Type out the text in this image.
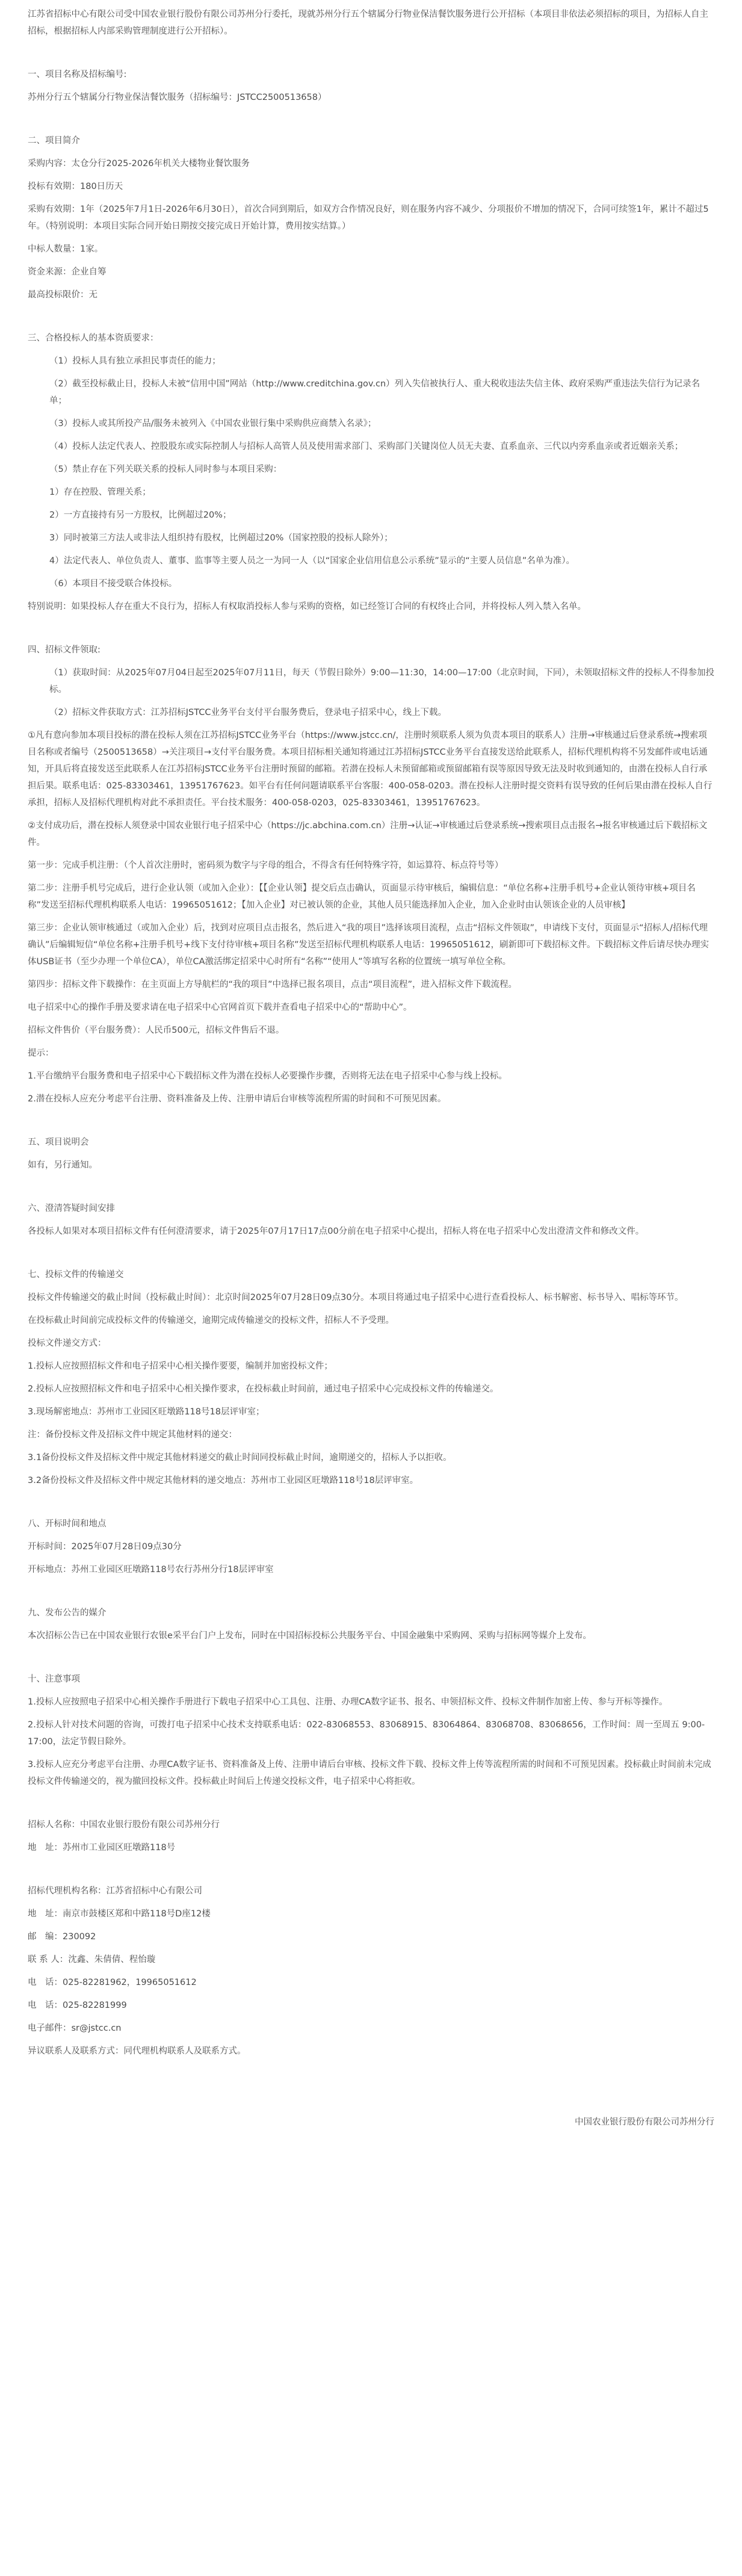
江苏省招标中心有限公司受中国农业银行股份有限公司苏州分行委托，现就苏州分行五个辖属分行物业保洁餐饮服务进行公开招标（本项目非依法必须招标的项目，为招标人自主招标，根据招标人内部采购管理制度进行公开招标）。

一、项目名称及招标编号:

苏州分行五个辖属分行物业保洁餐饮服务（招标编号：JSTCC2500513658）

二、项目简介

采购内容：太仓分行2025-2026年机关大楼物业餐饮服务

投标有效期：180日历天

采购有效期：1年（2025年7月1日-2026年6月30日），首次合同到期后，如双方合作情况良好，则在服务内容不减少、分项报价不增加的情况下，合同可续签1年，累计不超过5年。（特别说明：本项目实际合同开始日期按交接完成日开始计算，费用按实结算。）

中标人数量：1家。

资金来源：企业自筹

最高投标限价：无

三、合格投标人的基本资质要求：

（1）投标人具有独立承担民事责任的能力；

（2）截至投标截止日，投标人未被“信用中国”网站（http://www.creditchina.gov.cn）列入失信被执行人、重大税收违法失信主体、政府采购严重违法失信行为记录名单；

（3）投标人或其所投产品/服务未被列入《中国农业银行集中采购供应商禁入名录》；

（4）投标人法定代表人、控股股东或实际控制人与招标人高管人员及使用需求部门、采购部门关键岗位人员无夫妻、直系血亲、三代以内旁系血亲或者近姻亲关系；

（5）禁止存在下列关联关系的投标人同时参与本项目采购：

1）存在控股、管理关系；

2）一方直接持有另一方股权，比例超过20%；

3）同时被第三方法人或非法人组织持有股权，比例超过20%（国家控股的投标人除外）；

4）法定代表人、单位负责人、董事、监事等主要人员之一为同一人（以“国家企业信用信息公示系统”显示的“主要人员信息”名单为准）。

（6）本项目不接受联合体投标。

特别说明：如果投标人存在重大不良行为，招标人有权取消投标人参与采购的资格，如已经签订合同的有权终止合同，并将投标人列入禁入名单。

四、招标文件领取:

（1）获取时间：从2025年07月04日起至2025年07月11日，每天（节假日除外）9:00—11:30，14:00—17:00（北京时间，下同），未领取招标文件的投标人不得参加投标。

（2）招标文件获取方式：江苏招标JSTCC业务平台支付平台服务费后，登录电子招采中心，线上下载。

①凡有意向参加本项目投标的潜在投标人须在江苏招标JSTCC业务平台（https://www.jstcc.cn/，注册时须联系人须为负责本项目的联系人）注册→审核通过后登录系统→搜索项目名称或者编号（2500513658）→关注项目→支付平台服务费。本项目招标相关通知将通过江苏招标JSTCC业务平台直接发送给此联系人，招标代理机构将不另发邮件或电话通知，开具后将直接发送至此联系人在江苏招标JSTCC业务平台注册时预留的邮箱。若潜在投标人未预留邮箱或预留邮箱有误等原因导致无法及时收到通知的，由潜在投标人自行承担后果。联系电话：025-83303461，13951767623。如平台有任何问题请联系平台客服：400-058-0203。潜在投标人注册时提交资料有误导致的任何后果由潜在投标人自行承担，招标人及招标代理机构对此不承担责任。平台技术服务：400-058-0203，025-83303461，13951767623。

②支付成功后，潜在投标人须登录中国农业银行电子招采中心（https://jc.abchina.com.cn）注册→认证→审核通过后登录系统→搜索项目点击报名→报名审核通过后下载招标文件。

第一步：完成手机注册：（个人首次注册时，密码须为数字与字母的组合，不得含有任何特殊字符，如运算符、标点符号等）

第二步：注册手机号完成后，进行企业认领（或加入企业）：【【企业认领】提交后点击确认，页面显示待审核后，编辑信息：“单位名称+注册手机号+企业认领待审核+项目名称”发送至招标代理机构联系人电话：19965051612；【加入企业】对已被认领的企业，其他人员只能选择加入企业，加入企业时由认领该企业的人员审核】

第三步：企业认领审核通过（或加入企业）后，找到对应项目点击报名，然后进入“我的项目”选择该项目流程，点击“招标文件领取”，申请线下支付，页面显示“招标人/招标代理确认”后编辑短信“单位名称+注册手机号+线下支付待审核+项目名称”发送至招标代理机构联系人电话：19965051612，刷新即可下载招标文件。下载招标文件后请尽快办理实体USB证书（至少办理一个单位CA），单位CA激活绑定招采中心时所有“名称”“使用人”等填写名称的位置统一填写单位全称。

第四步：招标文件下载操作：在主页面上方导航栏的“我的项目”中选择已报名项目，点击“项目流程”，进入招标文件下载流程。

电子招采中心的操作手册及要求请在电子招采中心官网首页下载并查看电子招采中心的“帮助中心”。

招标文件售价（平台服务费）：人民币500元，招标文件售后不退。

提示：

1.平台缴纳平台服务费和电子招采中心下载招标文件为潜在投标人必要操作步骤，否则将无法在电子招采中心参与线上投标。

2.潜在投标人应充分考虑平台注册、资料准备及上传、注册申请后台审核等流程所需的时间和不可预见因素。

五、项目说明会

如有，另行通知。

六、澄清答疑时间安排

各投标人如果对本项目招标文件有任何澄清要求，请于2025年07月17日17点00分前在电子招采中心提出，招标人将在电子招采中心发出澄清文件和修改文件。

七、投标文件的传输递交

投标文件传输递交的截止时间（投标截止时间）：北京时间2025年07月28日09点30分。本项目将通过电子招采中心进行查看投标人、标书解密、标书导入、唱标等环节。

在投标截止时间前完成投标文件的传输递交，逾期完成传输递交的投标文件，招标人不予受理。

投标文件递交方式：

1.投标人应按照招标文件和电子招采中心相关操作要要，编制并加密投标文件；

2.投标人应按照招标文件和电子招采中心相关操作要求，在投标截止时间前，通过电子招采中心完成投标文件的传输递交。

3.现场解密地点：苏州市工业园区旺墩路118号18层评审室；

注：备份投标文件及招标文件中规定其他材料的递交：

3.1备份投标文件及招标文件中规定其他材料递交的截止时间同投标截止时间，逾期递交的，招标人予以拒收。

3.2备份投标文件及招标文件中规定其他材料的递交地点：苏州市工业园区旺墩路118号18层评审室。

八、开标时间和地点

开标时间：2025年07月28日09点30分

开标地点：苏州工业园区旺墩路118号农行苏州分行18层评审室

九、发布公告的媒介

本次招标公告已在中国农业银行农银e采平台门户上发布，同时在中国招标投标公共服务平台、中国金融集中采购网、采购与招标网等媒介上发布。

十、注意事项

1.投标人应按照电子招采中心相关操作手册进行下载电子招采中心工具包、注册、办理CA数字证书、报名、申领招标文件、投标文件制作加密上传、参与开标等操作。

2.投标人针对技术问题的咨询，可拨打电子招采中心技术支持联系电话：022-83068553、83068915、83064864、83068708、83068656，工作时间：周一至周五 9:00-17:00，法定节假日除外。

3.投标人应充分考虑平台注册、办理CA数字证书、资料准备及上传、注册申请后台审核、投标文件下载、投标文件上传等流程所需的时间和不可预见因素。投标截止时间前未完成投标文件传输递交的，视为撤回投标文件。投标截止时间后上传递交投标文件，电子招采中心将拒收。

招标人名称：中国农业银行股份有限公司苏州分行

地　址：苏州市工业园区旺墩路118号

招标代理机构名称：江苏省招标中心有限公司

地　址：南京市鼓楼区郑和中路118号D座12楼

邮　编：230092

联 系 人：沈鑫、朱倩倩、程怡璇

电　话：025-82281962，19965051612

电　话：025-82281999

电子邮件：sr@jstcc.cn

异议联系人及联系方式：同代理机构联系人及联系方式。

中国农业银行股份有限公司苏州分行
